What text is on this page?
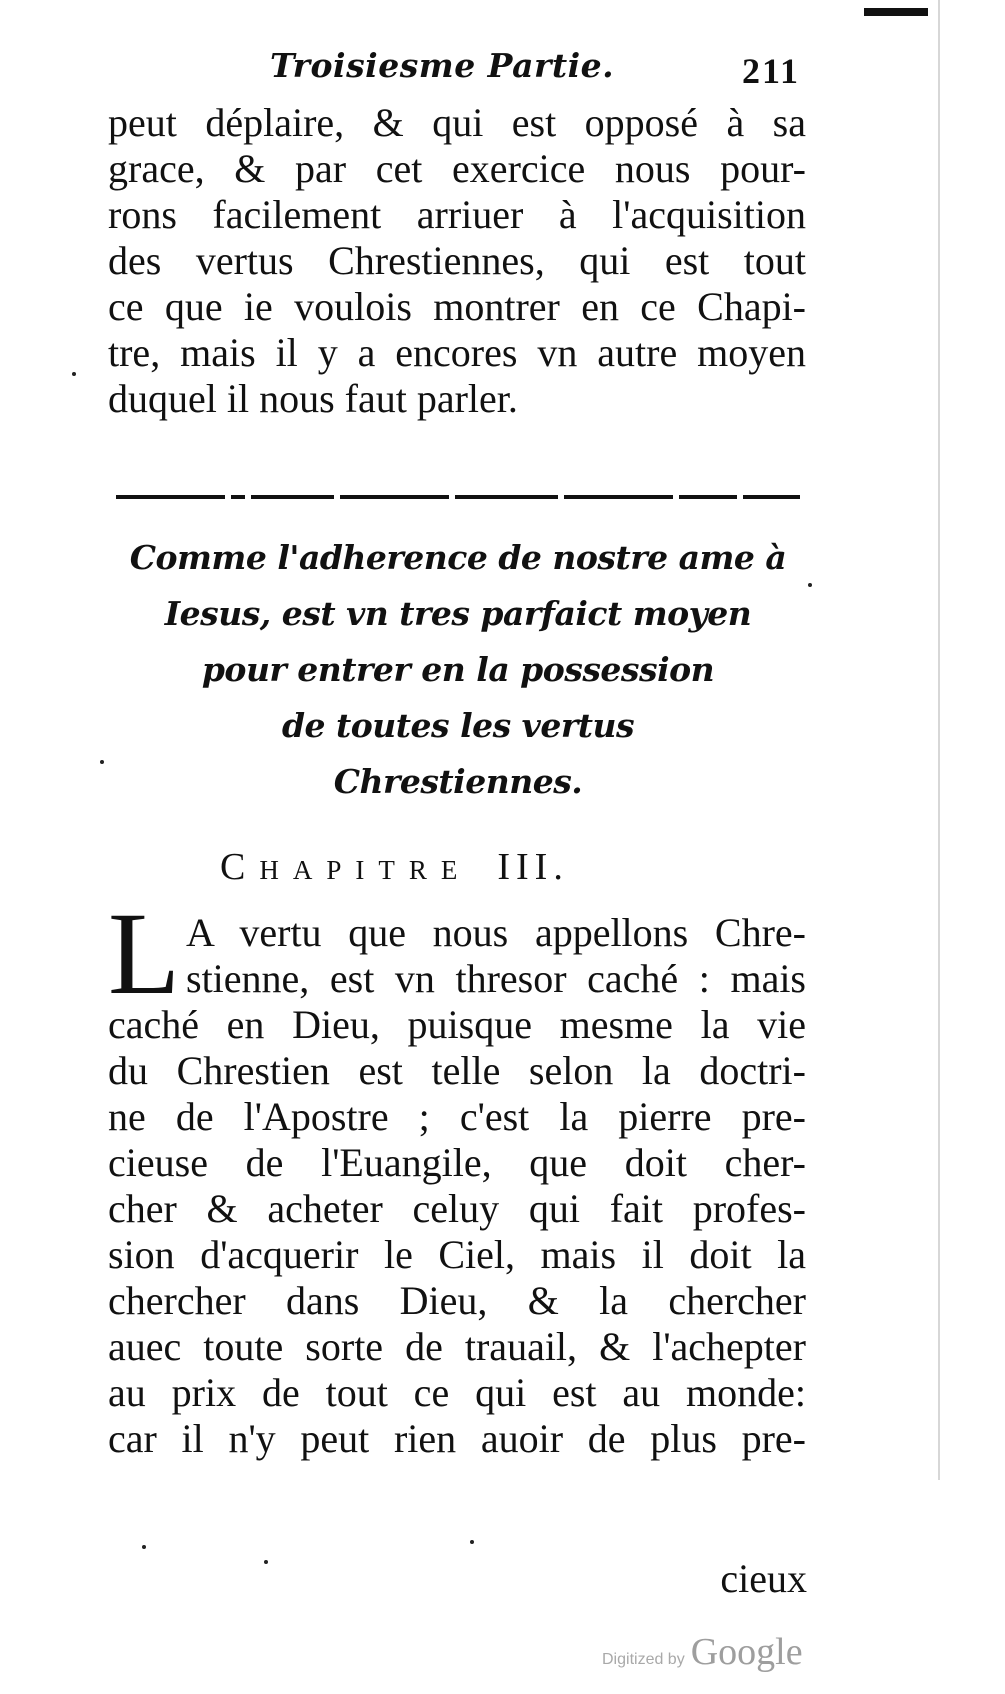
Troisiesme Partie.	211
peut déplaire, & qui est opposé à sa
grace, & par cet exercice nous pour-
rons facilement arriuer à l'acquisition
des vertus Chrestiennes, qui est tout
ce que ie voulois montrer en ce Chapi-
tre, mais il y a encores vn autre moyen
duquel il nous faut parler.
Comme l'adherence de nostre ame à
Iesus, est vn tres parfaict moyen
pour entrer en la possession
de toutes les vertus
Chrestiennes.
Chapitre III.
L A vertu que nous appellons Chre-
stienne, est vn thresor caché : mais
caché en Dieu, puisque mesme la vie
du Chrestien est telle selon la doctri-
ne de l'Apostre ; c'est la pierre pre-
cieuse de l'Euangile, que doit cher-
cher & acheter celuy qui fait profes-
sion d'acquerir le Ciel, mais il doit la
chercher dans Dieu, & la chercher
auec toute sorte de trauail, & l'achepter
au prix de tout ce qui est au monde:
car il n'y peut rien auoir de plus pre-
cieux
Digitized by Google
